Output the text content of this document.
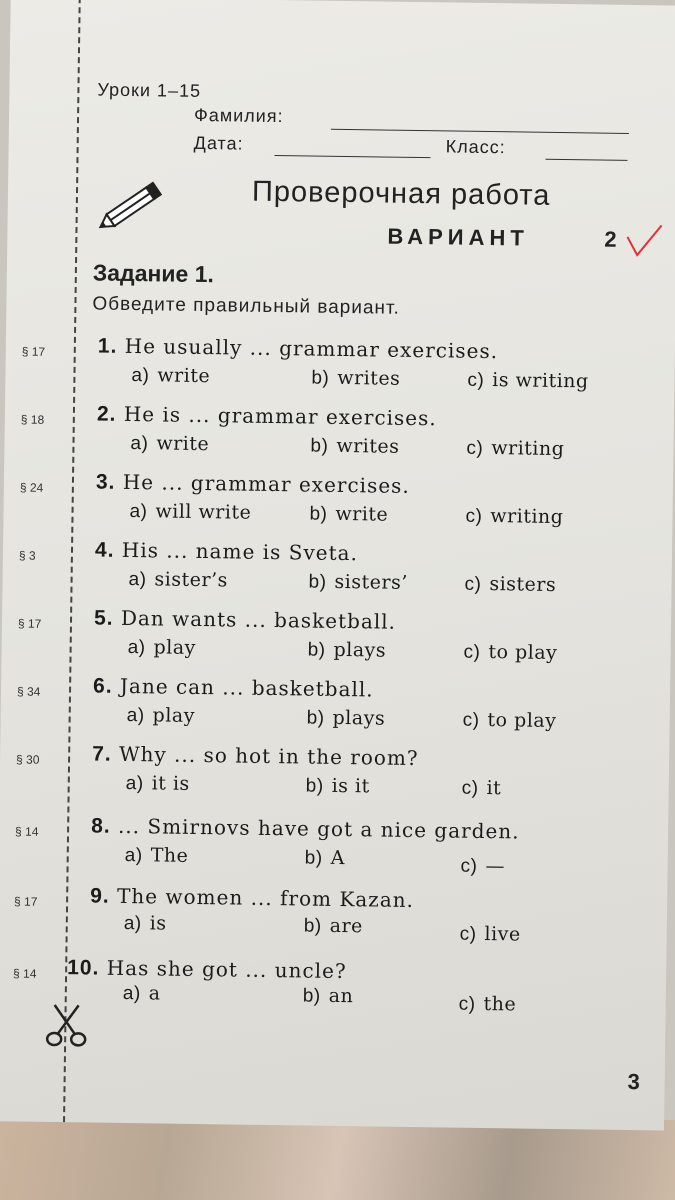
Уроки 1–15
Фамилия:
Дата:	Класс:
Проверочная работа
ВАРИАНТ	2
Задание 1.
Обведите правильный вариант.
§ 17 1. He usually ... grammar exercises.
a) write	b) writes	c) is writing
§ 18 2. He is ... grammar exercises.
a) write	b) writes	c) writing
§ 24 3. He ... grammar exercises.
a) will write	b) write	c) writing
§ 3	4. His ... name is Sveta.
a) sister’s	b) sisters’	c) sisters
§ 17 5. Dan wants ... basketball.
a) play	b) plays	c) to play
§ 34 6. Jane can ... basketball.
a) play	b) plays	c) to play
§ 30 7. Why ... so hot in the room?
a) it is	b) is it	c) it
§ 14 8. ... Smirnovs have got a nice garden.
a) The	b) A	c) —
§ 17 9. The women ... from Kazan.
a) is	b) are	c) live
§ 14 10. Has she got ... uncle?
a) a	b) an	c) the
3
